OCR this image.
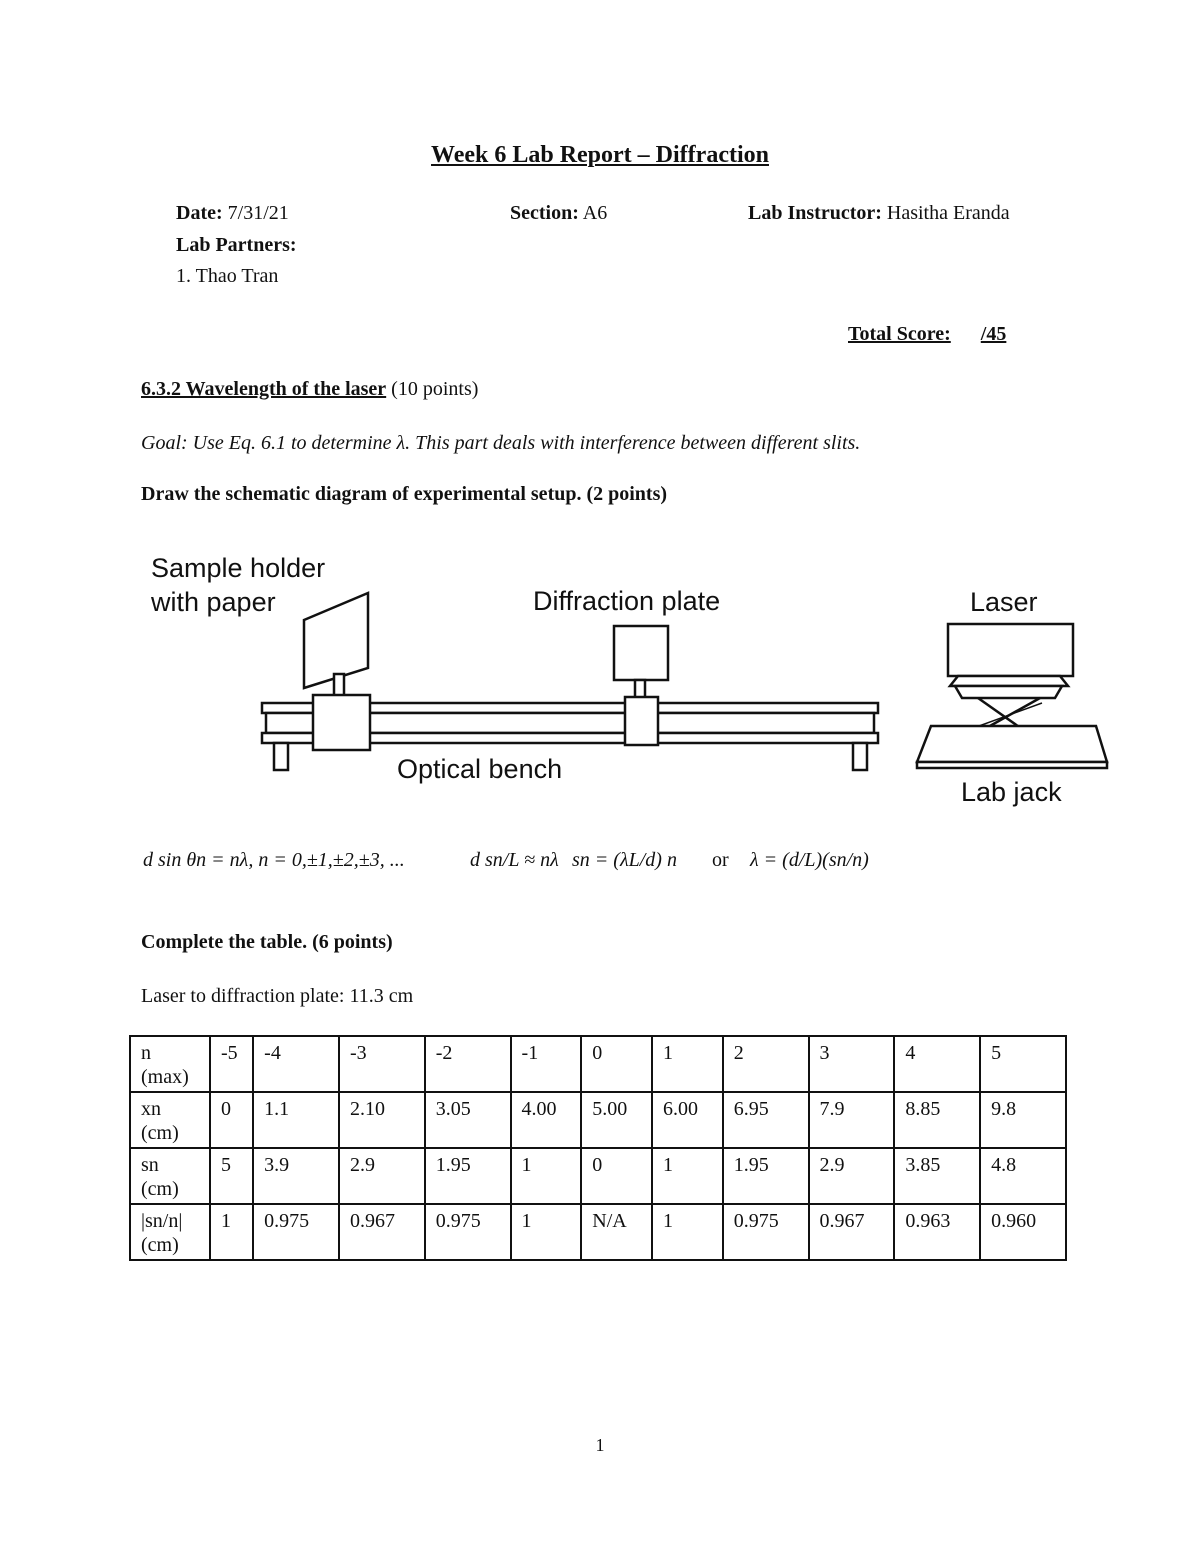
Week 6 Lab Report – Diffraction
Date: 7/31/21	Section: A6	Lab Instructor: Hasitha Eranda
Lab Partners:
1. Thao Tran
Total Score: /45
6.3.2 Wavelength of the laser (10 points)
Goal: Use Eq. 6.1 to determine λ. This part deals with interference between different slits.
Draw the schematic diagram of experimental setup. (2 points)
Sample holder
with paper	Diffraction plate	Laser
Optical bench
Lab jack
d sin θn = nλ, n = 0,±1,±2,±3, ...	d sn/L ≈ nλ sn = (λL/d) n or λ = (d/L)(sn/n)
Complete the table. (6 points)
Laser to diffraction plate: 11.3 cm
n
(max)	-5	-4	-3	-2	-1	0	1	2	3	4	5

xn
(cm)	0	1.1	2.10	3.05	4.00	5.00	6.00	6.95	7.9	8.85	9.8

sn
(cm)	5	3.9	2.9	1.95	1	0	1	1.95	2.9	3.85	4.8

|sn/n|
(cm)	1	0.975	0.967	0.975	1	N/A	1	0.975	0.967	0.963	0.960
1
